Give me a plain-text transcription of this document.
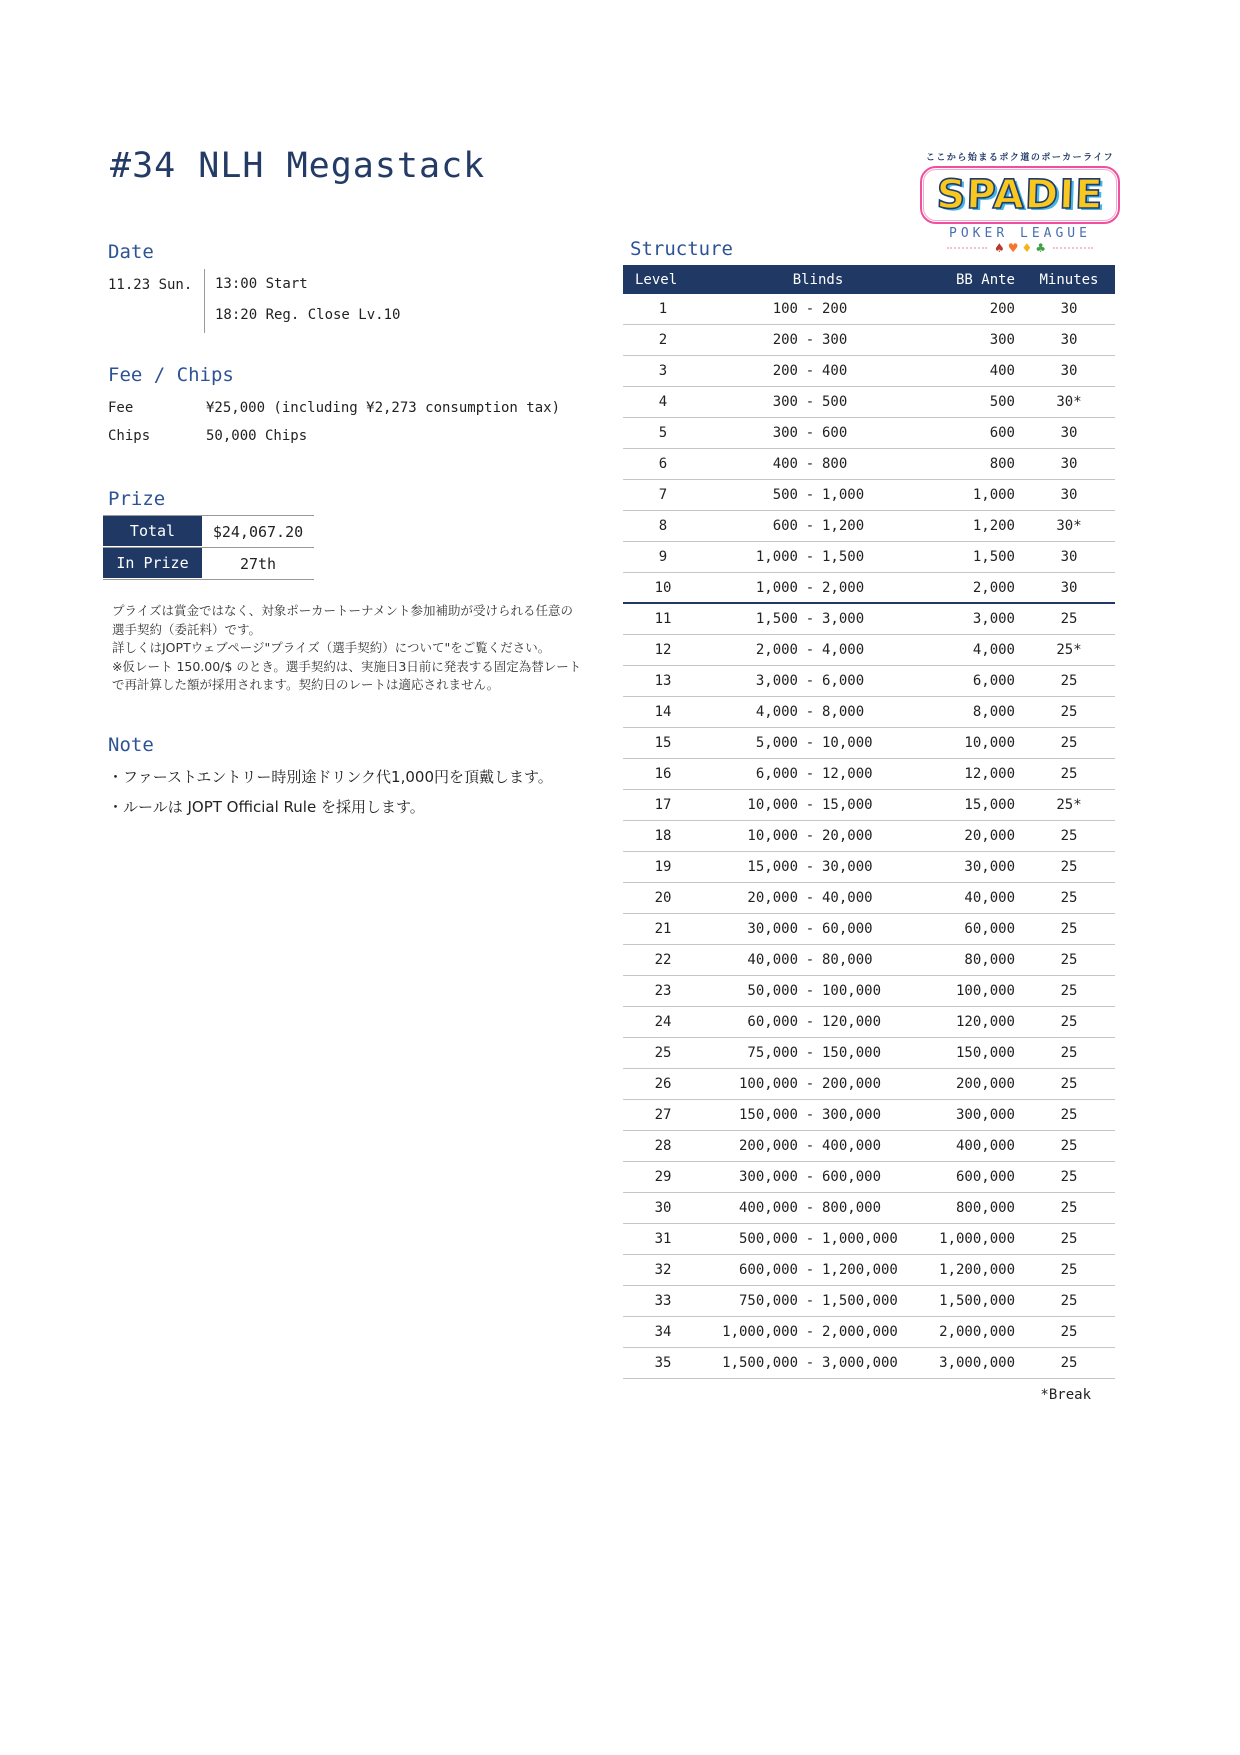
#34 NLH Megastack	ここから始まるポク道のポーカーライフ
SPADIE
POKER LEAGUE
♠ ♥ ♦ ♣
Date
11.23 Sun.	13:00 Start
18:20 Reg. Close Lv.10
Fee / Chips
Fee	¥25,000 (including ¥2,273 consumption tax)
Chips	50,000 Chips
Prize
Total	$24,067.20
In Prize	27th
プライズは賞金ではなく、対象ポーカートーナメント参加補助が受けられる任意の
選手契約（委託料）です。
詳しくはJOPTウェブページ"プライズ（選手契約）について"をご覧ください。
※仮レート 150.00/$ のとき。選手契約は、実施日3日前に発表する固定為替レート
で再計算した額が採用されます。契約日のレートは適応されません。
Note
・ファーストエントリー時別途ドリンク代1,000円を頂戴します。
・ルールは JOPT Official Rule を採用します。
Structure
Level	Blinds	BB Ante	Minutes
1	100 - 200	200	30
2	200 - 300	300	30
3	200 - 400	400	30
4	300 - 500	500	30*
5	300 - 600	600	30
6	400 - 800	800	30
7	500 - 1,000	1,000	30
8	600 - 1,200	1,200	30*
9	1,000 - 1,500	1,500	30
10	1,000 - 2,000	2,000	30
11	1,500 - 3,000	3,000	25
12	2,000 - 4,000	4,000	25*
13	3,000 - 6,000	6,000	25
14	4,000 - 8,000	8,000	25
15	5,000 - 10,000	10,000	25
16	6,000 - 12,000	12,000	25
17	10,000 - 15,000	15,000	25*
18	10,000 - 20,000	20,000	25
19	15,000 - 30,000	30,000	25
20	20,000 - 40,000	40,000	25
21	30,000 - 60,000	60,000	25
22	40,000 - 80,000	80,000	25
23	50,000 - 100,000	100,000	25
24	60,000 - 120,000	120,000	25
25	75,000 - 150,000	150,000	25
26	100,000 - 200,000	200,000	25
27	150,000 - 300,000	300,000	25
28	200,000 - 400,000	400,000	25
29	300,000 - 600,000	600,000	25
30	400,000 - 800,000	800,000	25
31	500,000 - 1,000,000	1,000,000	25
32	600,000 - 1,200,000	1,200,000	25
33	750,000 - 1,500,000	1,500,000	25
34	1,000,000 - 2,000,000	2,000,000	25
35	1,500,000 - 3,000,000	3,000,000	25
*Break
